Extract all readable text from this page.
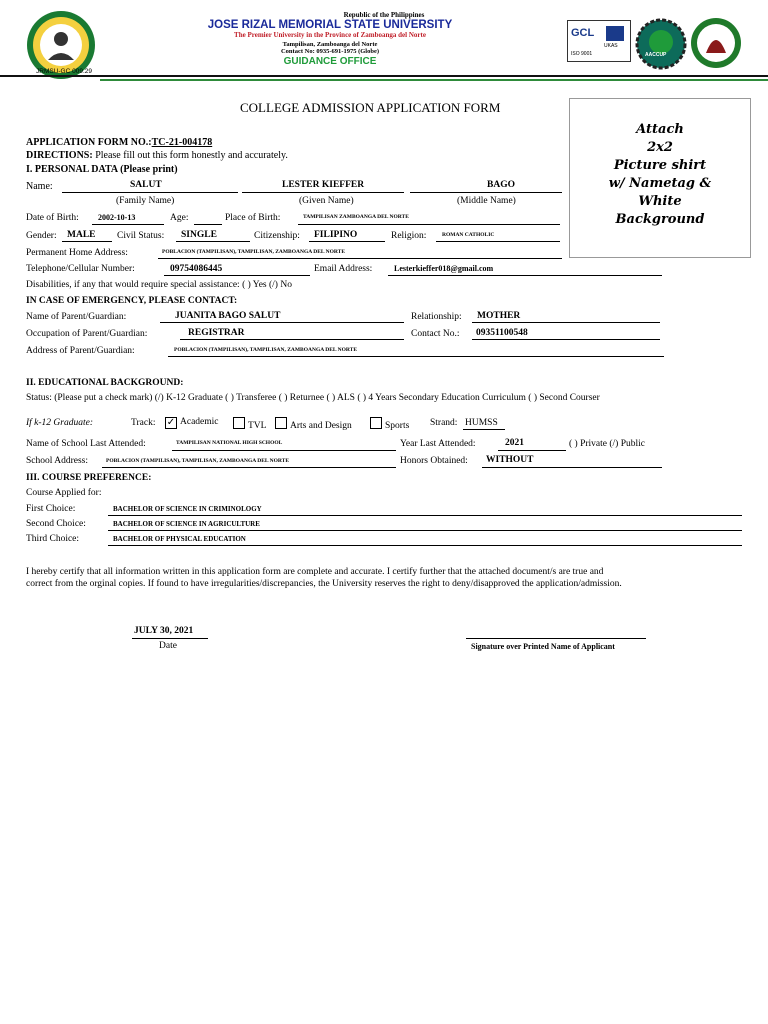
JRMSU-GC 009.29
Republic of the Philippines
JOSE RIZAL MEMORIAL STATE UNIVERSITY
The Premier University in the Province of Zamboanga del Norte
Tampilisan, Zamboanga del Norte
Contact No: 0935-691-1975 (Globe)
GUIDANCE OFFICE
GCL
UKAS
ISO 9001	AACCUP
COLLEGE ADMISSION APPLICATION FORM
Attach
2x2
Picture shirt
w/ Nametag &
White
Background
APPLICATION FORM NO.:TC-21-004178
DIRECTIONS: Please fill out this form honestly and accurately.
I. PERSONAL DATA (Please print)
Name:	SALUT	LESTER KIEFFER	BAGO
(Family Name)	(Given Name)	(Middle Name)
Date of Birth: 2002-10-13	Age:	Place of Birth:	TAMPILISAN ZAMBOANGA DEL NORTE
Gender: MALE Civil Status: SINGLE	Citizenship: FILIPINO	Religion:	ROMAN CATHOLIC
Permanent Home Address:	POBLACION (TAMPILISAN), TAMPILISAN, ZAMBOANGA DEL NORTE
Telephone/Cellular Number:	09754086445	Email Address:	Lesterkieffer018@gmail.com
Disabilities, if any that would require special assistance: ( ) Yes (/) No
IN CASE OF EMERGENCY, PLEASE CONTACT:
Name of Parent/Guardian:	JUANITA BAGO SALUT	Relationship: MOTHER
Occupation of Parent/Guardian:	REGISTRAR	Contact No.: 09351100548
Address of Parent/Guardian:	POBLACION (TAMPILISAN), TAMPILISAN, ZAMBOANGA DEL NORTE
II. EDUCATIONAL BACKGROUND:
Status: (Please put a check mark) (/) K-12 Graduate ( ) Transferee ( ) Returnee ( ) ALS ( ) 4 Years Secondary Education Curriculum ( ) Second Courser
If k-12 Graduate:	Track: ✓ Academic	TVL	Arts and Design	Sports Strand: HUMSS
Name of School Last Attended:	TAMPILISAN NATIONAL HIGH SCHOOL	Year Last Attended:	2021	( ) Private (/) Public
School Address:	POBLACION (TAMPILISAN), TAMPILISAN, ZAMBOANGA DEL NORTE	Honors Obtained: WITHOUT
III. COURSE PREFERENCE:
Course Applied for:
First Choice:	BACHELOR OF SCIENCE IN CRIMINOLOGY
Second Choice:	BACHELOR OF SCIENCE IN AGRICULTURE
Third Choice:	BACHELOR OF PHYSICAL EDUCATION
I hereby certify that all information written in this application form are complete and accurate. I certify further that the attached document/s are true and
correct from the orginal copies. If found to have irregularities/discrepancies, the University reserves the right to deny/disapproved the application/admission.
JULY 30, 2021
Date	Signature over Printed Name of Applicant
